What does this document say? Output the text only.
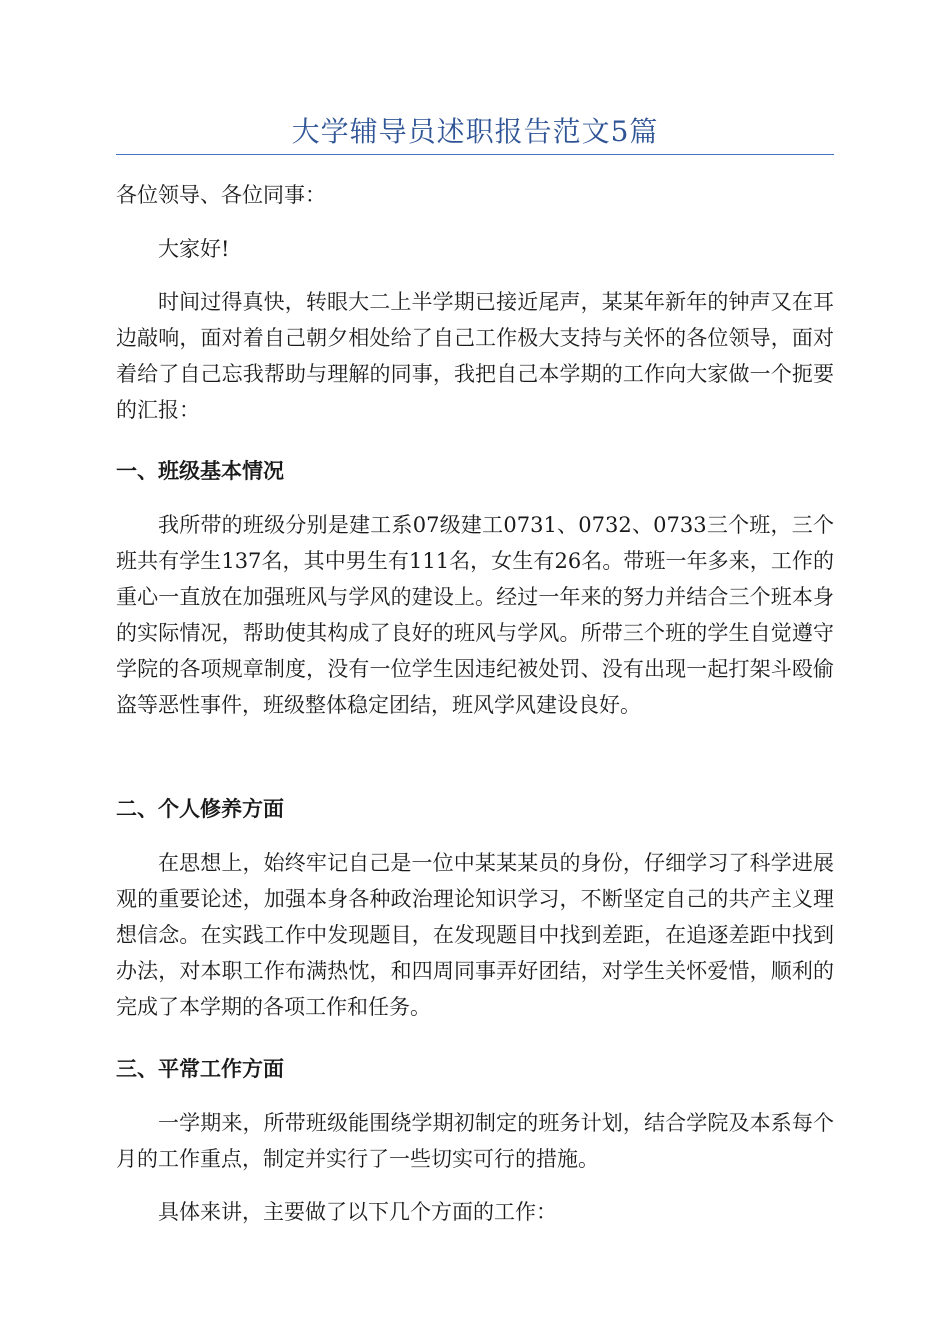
大学辅导员述职报告范文5篇

各位领导、各位同事：

大家好!

时间过得真快，转眼大二上半学期已接近尾声，某某年新年的钟声又在耳边敲响，面对着自己朝夕相处给了自己工作极大支持与关怀的各位领导，面对着给了自己忘我帮助与理解的同事，我把自己本学期的工作向大家做一个扼要的汇报：

一、班级基本情况

我所带的班级分别是建工系07级建工0731、0732、0733三个班，三个班共有学生137名，其中男生有111名，女生有26名。带班一年多来，工作的重心一直放在加强班风与学风的建设上。经过一年来的努力并结合三个班本身的实际情况，帮助使其构成了良好的班风与学风。所带三个班的学生自觉遵守学院的各项规章制度，没有一位学生因违纪被处罚、没有出现一起打架斗殴偷盗等恶性事件，班级整体稳定团结，班风学风建设良好。

二、个人修养方面

在思想上，始终牢记自己是一位中某某某员的身份，仔细学习了科学进展观的重要论述，加强本身各种政治理论知识学习，不断坚定自己的共产主义理想信念。在实践工作中发现题目，在发现题目中找到差距，在追逐差距中找到办法，对本职工作布满热忱，和四周同事弄好团结，对学生关怀爱惜，顺利的完成了本学期的各项工作和任务。

三、平常工作方面

一学期来，所带班级能围绕学期初制定的班务计划，结合学院及本系每个月的工作重点，制定并实行了一些切实可行的措施。

具体来讲，主要做了以下几个方面的工作：
